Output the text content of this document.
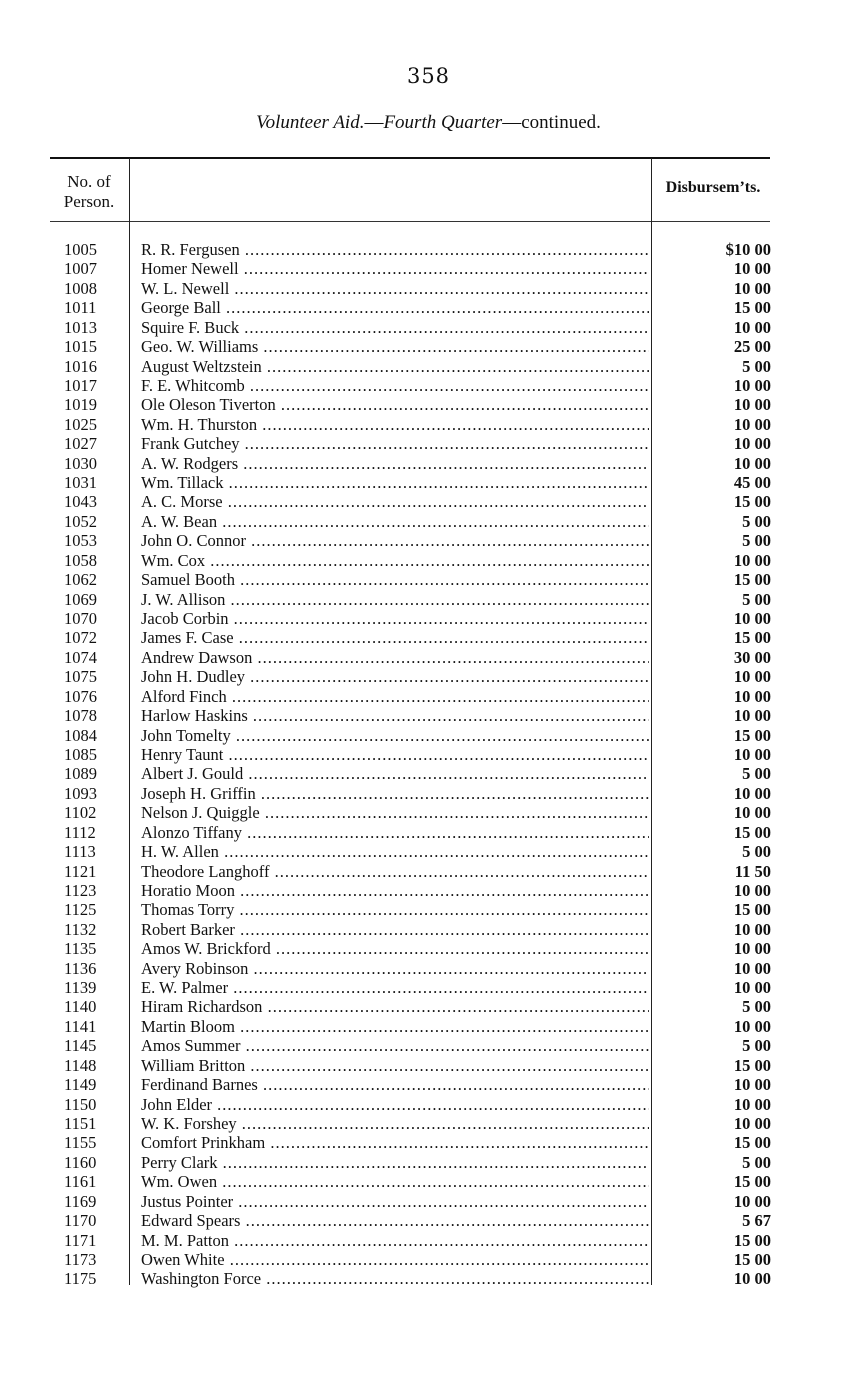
358
Volunteer Aid.—Fourth Quarter—continued.
No. of
Person.
Disbursem’ts.
1005	R. R. Fergusen .....	$10 00
1007	Homer Newell .....	10 00
1008	W. L. Newell .....	10 00
1011	George Ball .....	15 00
1013	Squire F. Buck .....	10 00
1015	Geo. W. Williams .....	25 00
1016	August Weltzstein .....	5 00
1017	F. E. Whitcomb .....	10 00
1019	Ole Oleson Tiverton .....	10 00
1025	Wm. H. Thurston .....	10 00
1027	Frank Gutchey .....	10 00
1030	A. W. Rodgers .....	10 00
1031	Wm. Tillack .....	45 00
1043	A. C. Morse .....	15 00
1052	A. W. Bean .....	5 00
1053	John O. Connor .....	5 00
1058	Wm. Cox .....	10 00
1062	Samuel Booth .....	15 00
1069	J. W. Allison .....	5 00
1070	Jacob Corbin .....	10 00
1072	James F. Case .....	15 00
1074	Andrew Dawson .....	30 00
1075	John H. Dudley .....	10 00
1076	Alford Finch .....	10 00
1078	Harlow Haskins .....	10 00
1084	John Tomelty .....	15 00
1085	Henry Taunt .....	10 00
1089	Albert J. Gould .....	5 00
1093	Joseph H. Griffin .....	10 00
1102	Nelson J. Quiggle .....	10 00
1112	Alonzo Tiffany .....	15 00
1113	H. W. Allen .....	5 00
1121	Theodore Langhoff .....	11 50
1123	Horatio Moon .....	10 00
1125	Thomas Torry .....	15 00
1132	Robert Barker .....	10 00
1135	Amos W. Brickford .....	10 00
1136	Avery Robinson .....	10 00
1139	E. W. Palmer .....	10 00
1140	Hiram Richardson .....	5 00
1141	Martin Bloom .....	10 00
1145	Amos Summer .....	5 00
1148	William Britton .....	15 00
1149	Ferdinand Barnes .....	10 00
1150	John Elder .....	10 00
1151	W. K. Forshey .....	10 00
1155	Comfort Prinkham .....	15 00
1160	Perry Clark .....	5 00
1161	Wm. Owen .....	15 00
1169	Justus Pointer .....	10 00
1170	Edward Spears .....	5 67
1171	M. M. Patton .....	15 00
1173	Owen White .....	15 00
1175	Washington Force .....	10 00
